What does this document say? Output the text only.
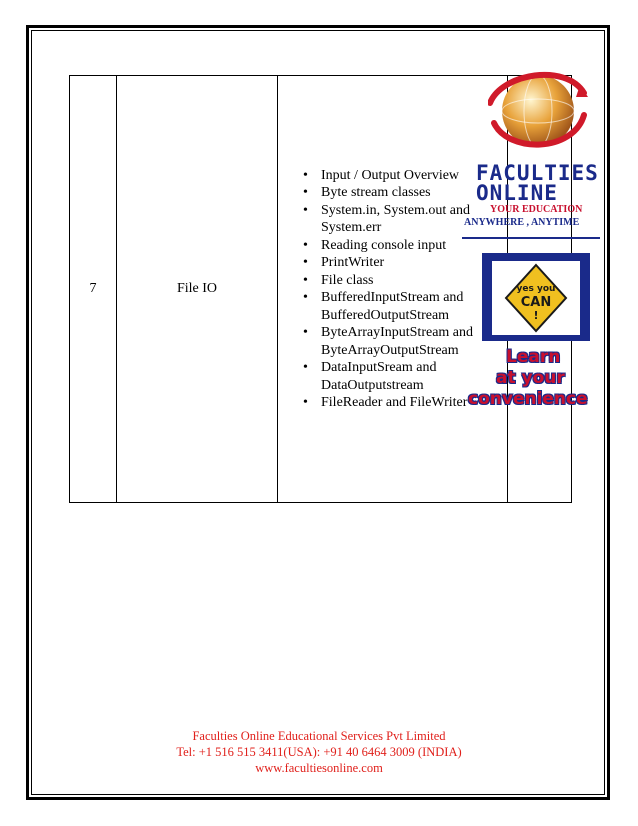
7	File IO	
• Input / Output Overview
• Byte stream classes
• System.in, System.out and
System.err
• Reading console input
• PrintWriter
• File class
• BufferedInputStream and
BufferedOutputStream
• ByteArrayInputStream and
ByteArrayOutputStream
• DataInputSream and
DataOutputstream
• FileReader and FileWriter

FACULTIES
ONLINE
YOUR EDUCATION
ANYWHERE , ANYTIME
yes you
CAN
!
Learn
at your
convenience
Faculties Online Educational Services Pvt Limited
Tel: +1 516 515 3411(USA): +91 40 6464 3009 (INDIA)
www.facultiesonline.com
